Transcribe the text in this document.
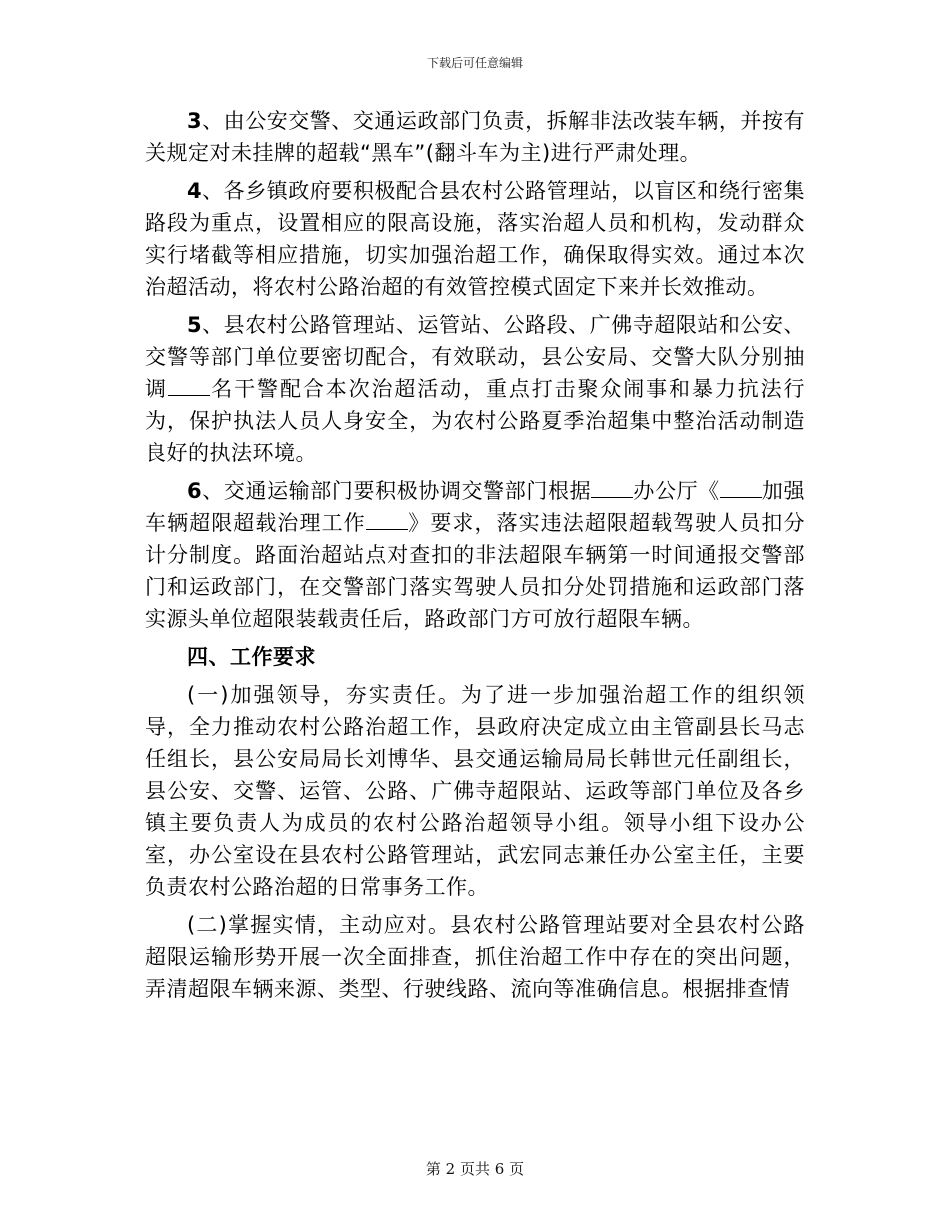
下载后可任意编辑

3、由公安交警、交通运政部门负责，拆解非法改装车辆，并按有关规定对未挂牌的超载“黑车”(翻斗车为主)进行严肃处理。

4、各乡镇政府要积极配合县农村公路管理站，以盲区和绕行密集路段为重点，设置相应的限高设施，落实治超人员和机构，发动群众实行堵截等相应措施，切实加强治超工作，确保取得实效。通过本次治超活动，将农村公路治超的有效管控模式固定下来并长效推动。

5、县农村公路管理站、运管站、公路段、广佛寺超限站和公安、交警等部门单位要密切配合，有效联动，县公安局、交警大队分别抽调 名干警配合本次治超活动，重点打击聚众闹事和暴力抗法行为，保护执法人员人身安全，为农村公路夏季治超集中整治活动制造良好的执法环境。

6、交通运输部门要积极协调交警部门根据 办公厅《 加强车辆超限超载治理工作 》要求，落实违法超限超载驾驶人员扣分计分制度。路面治超站点对查扣的非法超限车辆第一时间通报交警部门和运政部门，在交警部门落实驾驶人员扣分处罚措施和运政部门落实源头单位超限装载责任后，路政部门方可放行超限车辆。

四、工作要求

(一)加强领导，夯实责任。为了进一步加强治超工作的组织领导，全力推动农村公路治超工作，县政府决定成立由主管副县长马志任组长，县公安局局长刘博华、县交通运输局局长韩世元任副组长，县公安、交警、运管、公路、广佛寺超限站、运政等部门单位及各乡镇主要负责人为成员的农村公路治超领导小组。领导小组下设办公室，办公室设在县农村公路管理站，武宏同志兼任办公室主任，主要负责农村公路治超的日常事务工作。

(二)掌握实情，主动应对。县农村公路管理站要对全县农村公路超限运输形势开展一次全面排查，抓住治超工作中存在的突出问题，弄清超限车辆来源、类型、行驶线路、流向等准确信息。根据排查情

第 2 页共 6 页
